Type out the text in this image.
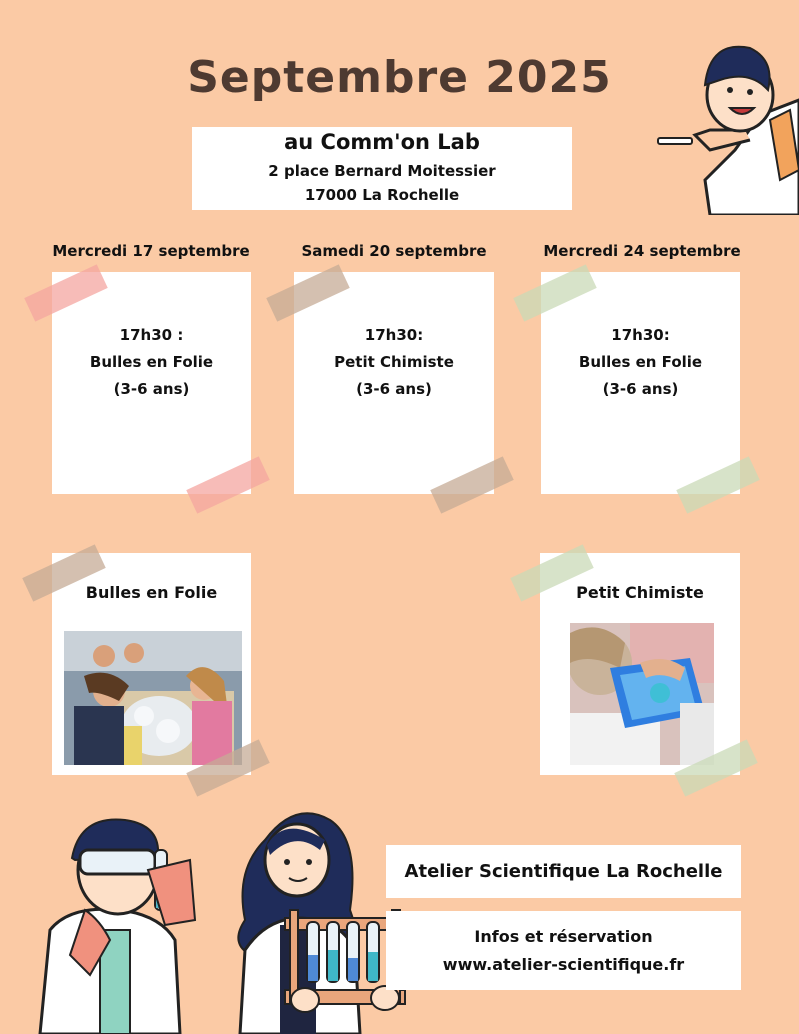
Septembre 2025
au Comm'on Lab
2 place Bernard Moitessier
17000 La Rochelle
Mercredi 17 septembre	Samedi 20 septembre	Mercredi 24 septembre
17h30 :
Bulles en Folie
(3-6 ans)
17h30:
Petit Chimiste
(3-6 ans)
17h30:
Bulles en Folie
(3-6 ans)
Bulles en Folie	Petit Chimiste
Atelier Scientifique La Rochelle
Infos et réservation
www.atelier-scientifique.fr
